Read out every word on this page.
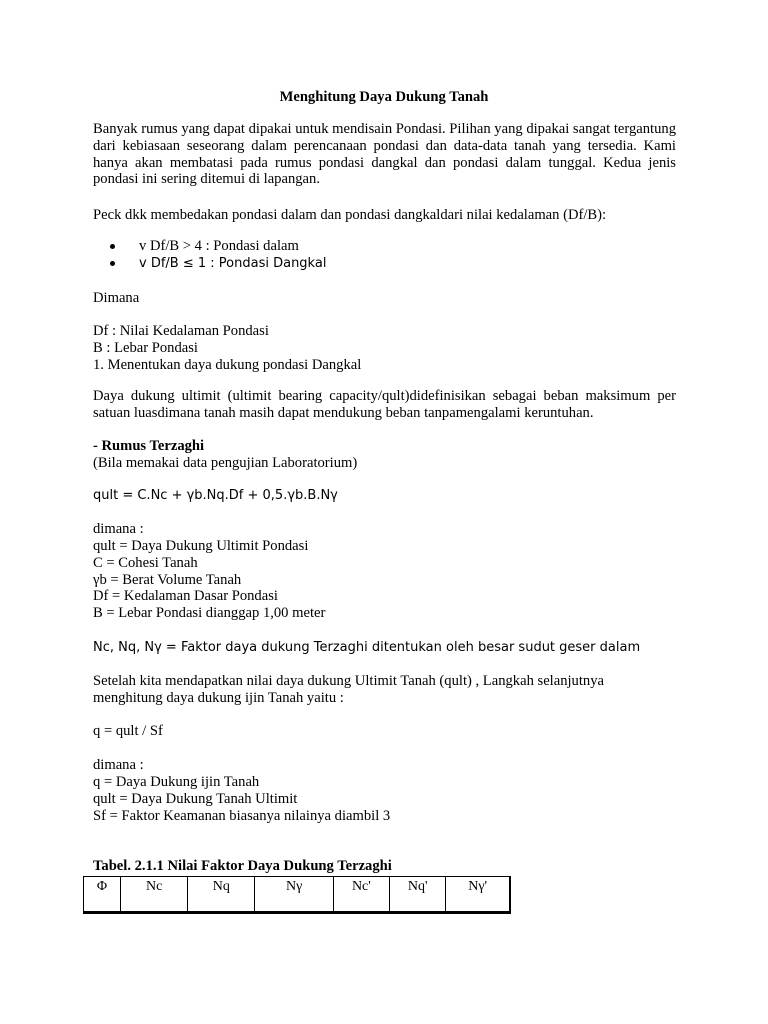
Menghitung Daya Dukung Tanah
Banyak rumus yang dapat dipakai untuk mendisain Pondasi. Pilihan yang dipakai sangat tergantung dari kebiasaan seseorang dalam perencanaan pondasi dan data-data tanah yang tersedia. Kami hanya akan membatasi pada rumus pondasi dangkal dan pondasi dalam tunggal. Kedua jenis pondasi ini sering ditemui di lapangan.
Peck dkk membedakan pondasi dalam dan pondasi dangkaldari nilai kedalaman (Df/B):
v Df/B > 4 : Pondasi dalam
v Df/B ≤ 1 : Pondasi Dangkal
Dimana
Df : Nilai Kedalaman Pondasi
B : Lebar Pondasi
1. Menentukan daya dukung pondasi Dangkal
Daya dukung ultimit (ultimit bearing capacity/qult)didefinisikan sebagai beban maksimum per satuan luasdimana tanah masih dapat mendukung beban tanpamengalami keruntuhan.
- Rumus Terzaghi
(Bila memakai data pengujian Laboratorium)
qult = C.Nc + γb.Nq.Df + 0,5.γb.B.Nγ
dimana :
qult = Daya Dukung Ultimit Pondasi
C = Cohesi Tanah
γb = Berat Volume Tanah
Df = Kedalaman Dasar Pondasi
B = Lebar Pondasi dianggap 1,00 meter
Nc, Nq, Nγ = Faktor daya dukung Terzaghi ditentukan oleh besar sudut geser dalam
Setelah kita mendapatkan nilai daya dukung Ultimit Tanah (qult) , Langkah selanjutnya
menghitung daya dukung ijin Tanah yaitu :
q = qult / Sf
dimana :
q = Daya Dukung ijin Tanah
qult = Daya Dukung Tanah Ultimit
Sf = Faktor Keamanan biasanya nilainya diambil 3
Tabel. 2.1.1 Nilai Faktor Daya Dukung Terzaghi
Φ	Nc	Nq	Nγ	Nc'	Nq'	Nγ'
